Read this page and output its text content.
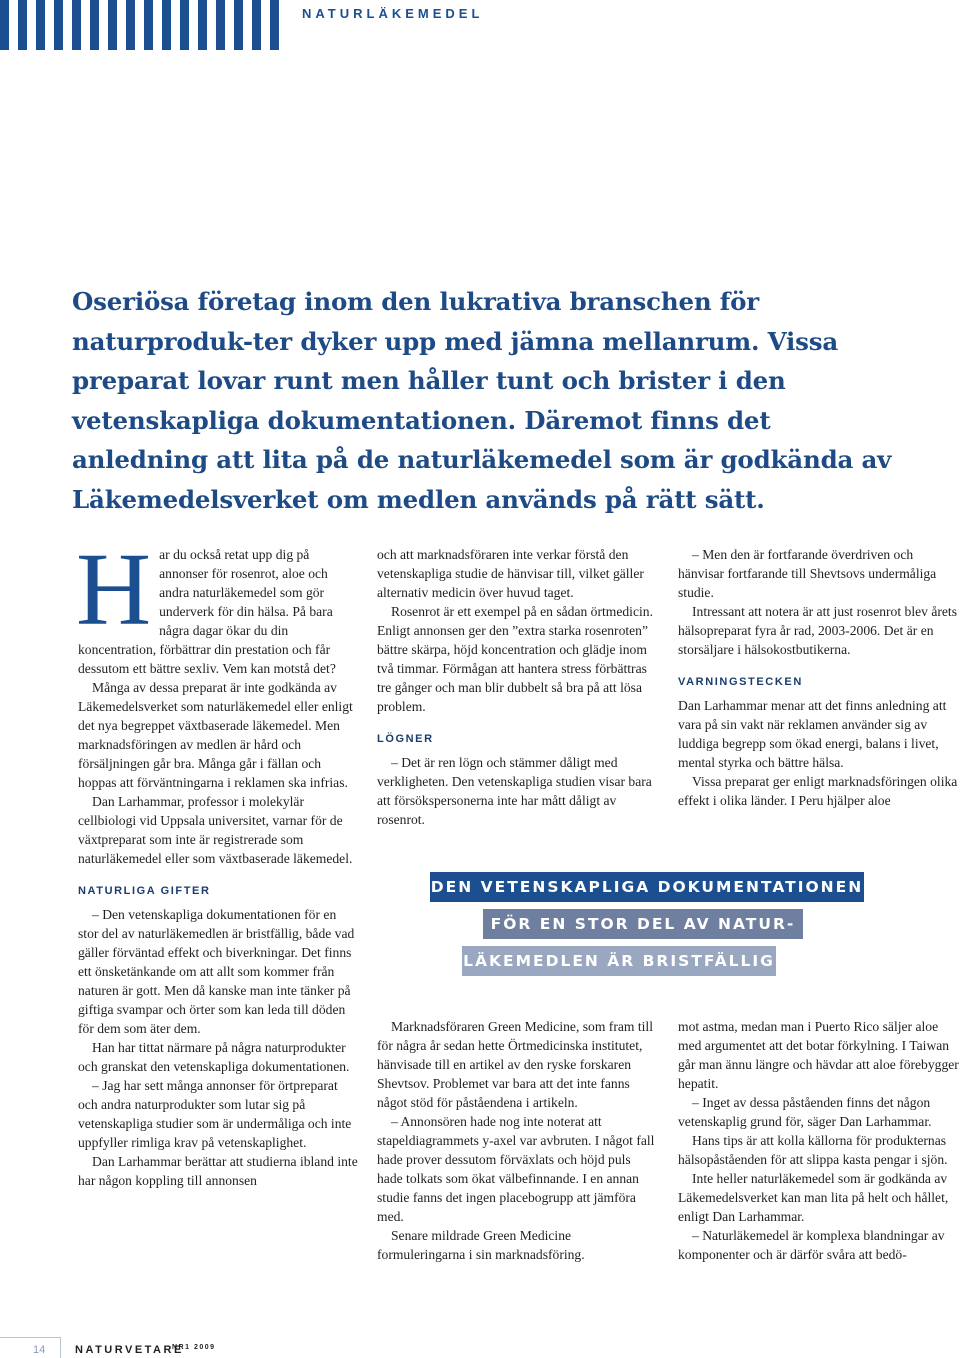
NATURLÄKEMEDEL
Oseriösa företag inom den lukrativa branschen för naturproduk-ter dyker upp med jämna mellanrum. Vissa preparat lovar runt men håller tunt och brister i den vetenskapliga dokumentationen. Däremot finns det anledning att lita på de naturläkemedel som är godkända av Läkemedelsverket om medlen används på rätt sätt.
H ar du också retat upp dig på annonser för rosenrot, aloe och andra naturläkemedel som gör underverk för din hälsa. På bara några dagar ökar du din koncentration, förbättrar din prestation och får dessutom ett bättre sexliv. Vem kan motstå det?

Många av dessa preparat är inte godkända av Läkemedelsverket som naturläkemedel eller enligt det nya begreppet växtbaserade läkemedel. Men marknadsföringen av medlen är hård och försäljningen går bra. Många går i fällan och hoppas att förväntningarna i reklamen ska infrias.

Dan Larhammar, professor i molekylär cellbiologi vid Uppsala universitet, varnar för de växtpreparat som inte är registrerade som naturläkemedel eller som växtbaserade läkemedel.

NATURLIGA GIFTER

– Den vetenskapliga dokumentationen för en stor del av naturläkemedlen är bristfällig, både vad gäller förväntad effekt och biverkningar. Det finns ett önsketänkande om att allt som kommer från naturen är gott. Men då kanske man inte tänker på giftiga svampar och örter som kan leda till döden för dem som äter dem.

Han har tittat närmare på några naturprodukter och granskat den vetenskapliga dokumentationen.

– Jag har sett många annonser för örtpreparat och andra naturprodukter som lutar sig på vetenskapliga studier som är undermåliga och inte uppfyller rimliga krav på vetenskaplighet.

Dan Larhammar berättar att studierna ibland inte har någon koppling till annonsen

och att marknadsföraren inte verkar förstå den vetenskapliga studie de hänvisar till, vilket gäller alternativ medicin över huvud taget.

Rosenrot är ett exempel på en sådan örtmedicin. Enligt annonsen ger den ”extra starka rosenroten” bättre skärpa, höjd koncentration och glädje inom två timmar. Förmågan att hantera stress förbättras tre gånger och man blir dubbelt så bra på att lösa problem.

LÖGNER

– Det är ren lögn och stämmer dåligt med verkligheten. Den vetenskapliga studien visar bara att försökspersonerna inte har mått dåligt av rosenrot.

– Men den är fortfarande överdriven och hänvisar fortfarande till Shevtsovs undermåliga studie.

Intressant att notera är att just rosenrot blev årets hälsopreparat fyra år rad, 2003-2006. Det är en storsäljare i hälsokostbutikerna.

VARNINGSTECKEN

Dan Larhammar menar att det finns anledning att vara på sin vakt när reklamen använder sig av luddiga begrepp som ökad energi, balans i livet, mental styrka och bättre hälsa.

Vissa preparat ger enligt marknadsföringen olika effekt i olika länder. I Peru hjälper aloe

DEN VETENSKAPLIGA DOKUMENTATIONEN
FÖR EN STOR DEL AV NATUR-
LÄKEMEDLEN ÄR BRISTFÄLLIG

Marknadsföraren Green Medicine, som fram till för några år sedan hette Örtmedicinska institutet, hänvisade till en artikel av den ryske forskaren Shevtsov. Problemet var bara att det inte fanns något stöd för påståendena i artikeln.

– Annonsören hade nog inte noterat att stapeldiagrammets y-axel var avbruten. I något fall hade prover dessutom förväxlats och höjd puls hade tolkats som ökat välbefinnande. I en annan studie fanns det ingen placebogrupp att jämföra med.

Senare mildrade Green Medicine formuleringarna i sin marknadsföring.

mot astma, medan man i Puerto Rico säljer aloe med argumentet att det botar förkylning. I Taiwan går man ännu längre och hävdar att aloe förebygger hepatit.

– Inget av dessa påståenden finns det någon vetenskaplig grund för, säger Dan Larhammar.

Hans tips är att kolla källorna för produkternas hälsopåståenden för att slippa kasta pengar i sjön.

Inte heller naturläkemedel som är godkända av Läkemedelsverket kan man lita på helt och hållet, enligt Dan Larhammar.

– Naturläkemedel är komplexa blandningar av komponenter och är därför svåra att bedö-

14	NATURVETARE
NR1 2009
